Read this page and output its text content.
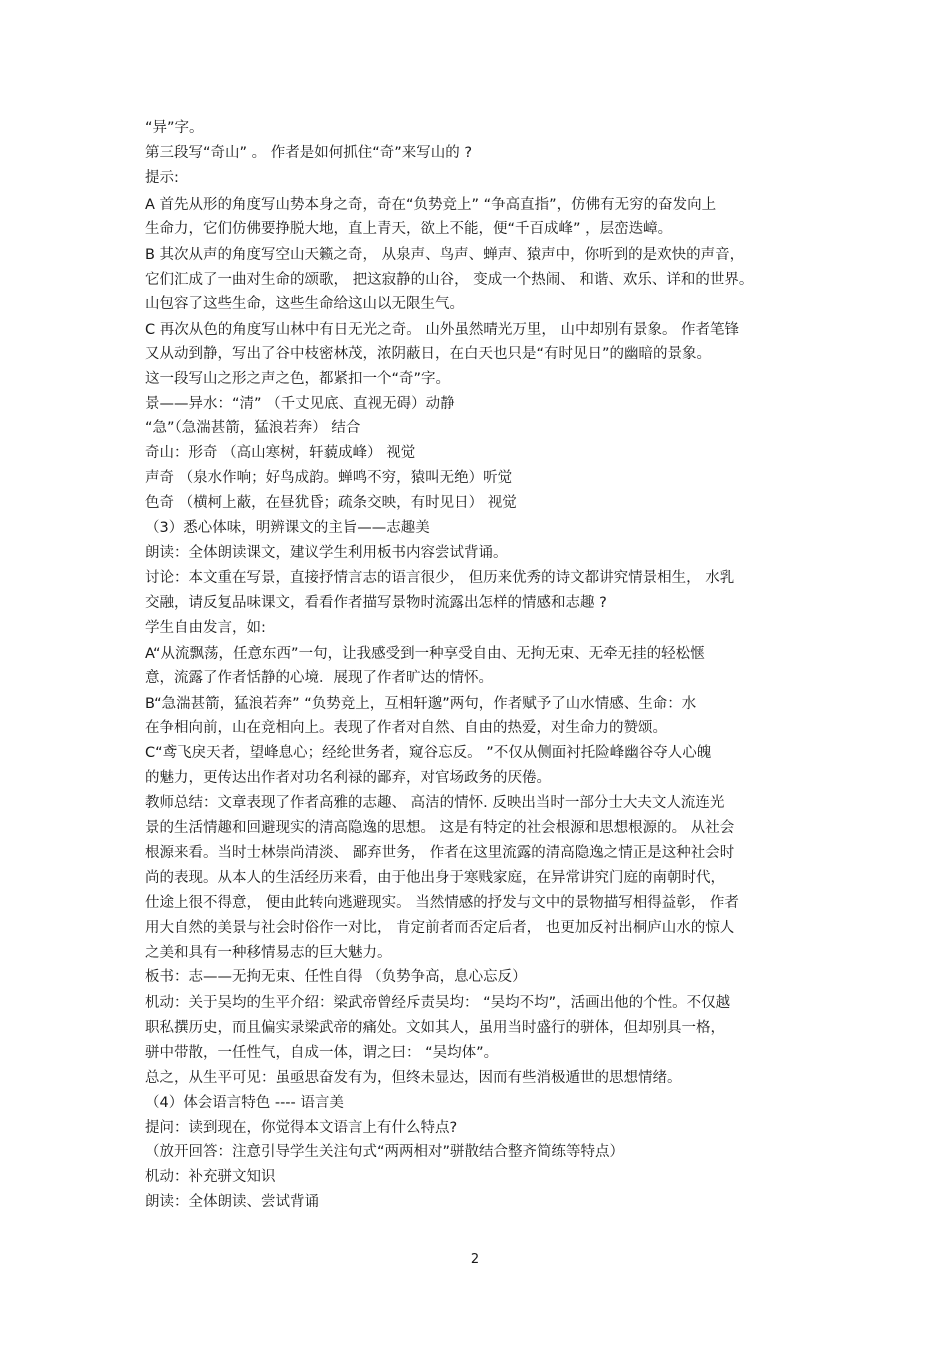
“异”字。
第三段写“奇山” 。 作者是如何抓住“奇”来写山的 ?
提示:
A 首先从形的角度写山势本身之奇，奇在“负势竞上” “争高直指”，仿佛有无穷的奋发向上
生命力，它们仿佛要挣脱大地，直上青天，欲上不能，便“千百成峰” ，层峦迭嶂。
B 其次从声的角度写空山天籁之奇， 从泉声、鸟声、蝉声、猿声中，你听到的是欢快的声音，
它们汇成了一曲对生命的颂歌， 把这寂静的山谷， 变成一个热闹、 和谐、欢乐、详和的世界。
山包容了这些生命，这些生命给这山以无限生气。
C 再次从色的角度写山林中有日无光之奇。 山外虽然晴光万里， 山中却别有景象。 作者笔锋
又从动到静，写出了谷中枝密林茂，浓阴蔽日，在白天也只是“有时见日”的幽暗的景象。
这一段写山之形之声之色，都紧扣一个“奇”字。
景——异水：“清” （千丈见底、直视无碍）动静
“急”（急湍甚箭，猛浪若奔） 结合
奇山：形奇 （高山寒树，轩藐成峰） 视觉
声奇 （泉水作响；好鸟成韵。蝉鸣不穷，猿叫无绝）听觉
色奇 （横柯上蔽，在昼犹昏；疏条交映，有时见日） 视觉
（3）悉心体味，明辨课文的主旨——志趣美
朗读：全体朗读课文，建议学生利用板书内容尝试背诵。
讨论：本文重在写景，直接抒情言志的语言很少， 但历来优秀的诗文都讲究情景相生， 水乳
交融，请反复品味课文，看看作者描写景物时流露出怎样的情感和志趣 ?
学生自由发言，如:
A“从流飘荡，任意东西”一句，让我感受到一种享受自由、无拘无束、无牵无挂的轻松惬
意，流露了作者恬静的心境．展现了作者旷达的情怀。
B“急湍甚箭，猛浪若奔” “负势竞上，互相轩邈”两句，作者赋予了山水情感、生命：水
在争相向前，山在竞相向上。表现了作者对自然、自由的热爱，对生命力的赞颂。
C“鸢飞戾天者，望峰息心；经纶世务者，窥谷忘反。 ”不仅从侧面衬托险峰幽谷夺人心魄
的魅力，更传达出作者对功名利禄的鄙弃，对官场政务的厌倦。
教师总结：文章表现了作者高雅的志趣、 高洁的情怀. 反映出当时一部分士大夫文人流连光
景的生活情趣和回避现实的清高隐逸的思想。 这是有特定的社会根源和思想根源的。 从社会
根源来看。当时士林崇尚清淡、 鄙弃世务， 作者在这里流露的清高隐逸之情正是这种社会时
尚的表现。从本人的生活经历来看，由于他出身于寒贱家庭，在异常讲究门庭的南朝时代，
仕途上很不得意， 便由此转向逃避现实。 当然情感的抒发与文中的景物描写相得益彰， 作者
用大自然的美景与社会时俗作一对比， 肯定前者而否定后者， 也更加反衬出桐庐山水的惊人
之美和具有一种移情易志的巨大魅力。
板书：志——无拘无束、任性自得 （负势争高，息心忘反）
机动：关于吴均的生平介绍：梁武帝曾经斥责吴均： “吴均不均”，活画出他的个性。不仅越
职私撰历史，而且偏实录梁武帝的痛处。文如其人，虽用当时盛行的骈体，但却别具一格，
骈中带散，一任性气，自成一体，谓之曰： “吴均体”。
总之，从生平可见：虽亟思奋发有为，但终未显达，因而有些消极遁世的思想情绪。
（4）体会语言特色 ---- 语言美
提问：读到现在，你觉得本文语言上有什么特点?
（放开回答：注意引导学生关注句式“两两相对”骈散结合整齐简练等特点）
机动：补充骈文知识
朗读：全体朗读、尝试背诵
2
